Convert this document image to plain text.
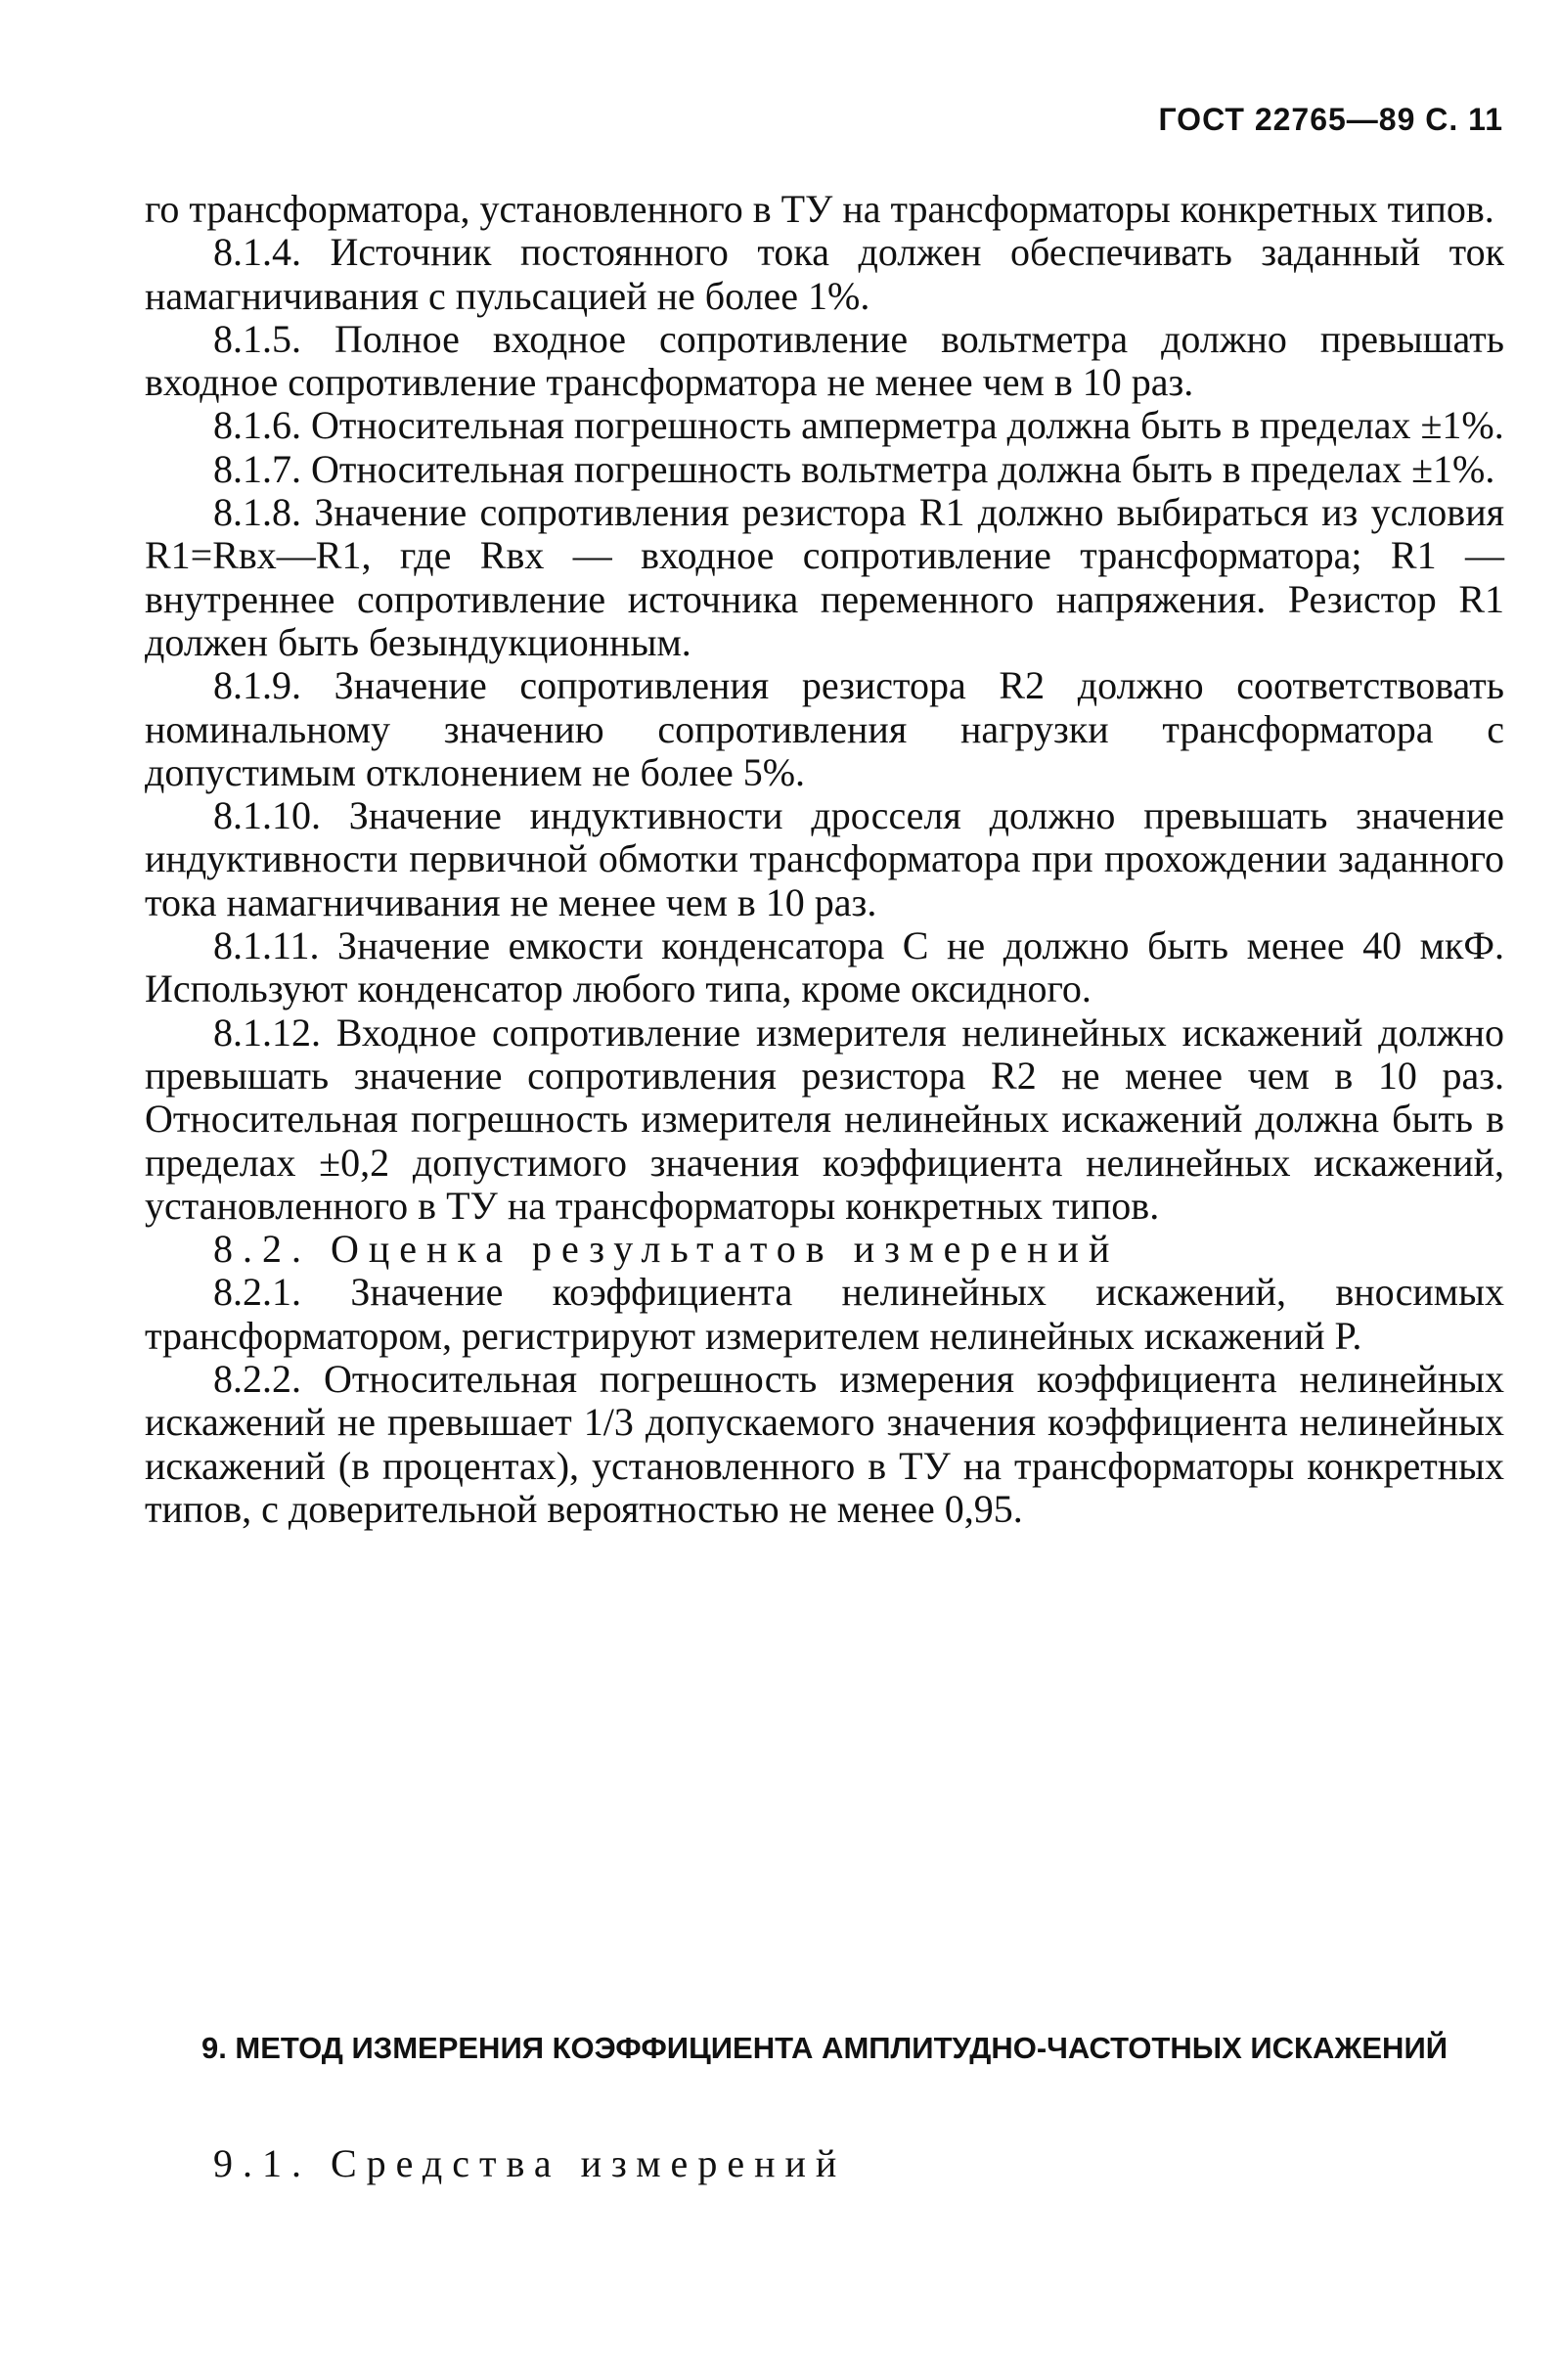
ГОСТ 22765—89 С. 11

го трансформатора, установленного в ТУ на трансформаторы конкретных типов.

8.1.4. Источник постоянного тока должен обеспечивать заданный ток намагничивания с пульсацией не более 1%.

8.1.5. Полное входное сопротивление вольтметра должно превышать входное сопротивление трансформатора не менее чем в 10 раз.

8.1.6. Относительная погрешность амперметра должна быть в пределах ±1%.

8.1.7. Относительная погрешность вольтметра должна быть в пределах ±1%.

8.1.8. Значение сопротивления резистора R1 должно выбираться из условия R1=Rвх—R1, где Rвх — входное сопротивление трансформатора; R1 — внутреннее сопротивление источника переменного напряжения. Резистор R1 должен быть безындукционным.

8.1.9. Значение сопротивления резистора R2 должно соответствовать номинальному значению сопротивления нагрузки трансформатора с допустимым отклонением не более 5%.

8.1.10. Значение индуктивности дросселя должно превышать значение индуктивности первичной обмотки трансформатора при прохождении заданного тока намагничивания не менее чем в 10 раз.

8.1.11. Значение емкости конденсатора C не должно быть менее 40 мкФ. Используют конденсатор любого типа, кроме оксидного.

8.1.12. Входное сопротивление измерителя нелинейных искажений должно превышать значение сопротивления резистора R2 не менее чем в 10 раз. Относительная погрешность измерителя нелинейных искажений должна быть в пределах ±0,2 допустимого значения коэффициента нелинейных искажений, установленного в ТУ на трансформаторы конкретных типов.

8.2. Оценка результатов измерений

8.2.1. Значение коэффициента нелинейных искажений, вносимых трансформатором, регистрируют измерителем нелинейных искажений P.

8.2.2. Относительная погрешность измерения коэффициента нелинейных искажений не превышает 1/3 допускаемого значения коэффициента нелинейных искажений (в процентах), установленного в ТУ на трансформаторы конкретных типов, с доверительной вероятностью не менее 0,95.

9. МЕТОД ИЗМЕРЕНИЯ КОЭФФИЦИЕНТА АМПЛИТУДНО-ЧАСТОТНЫХ ИСКАЖЕНИЙ
9.1. Средства измерений
